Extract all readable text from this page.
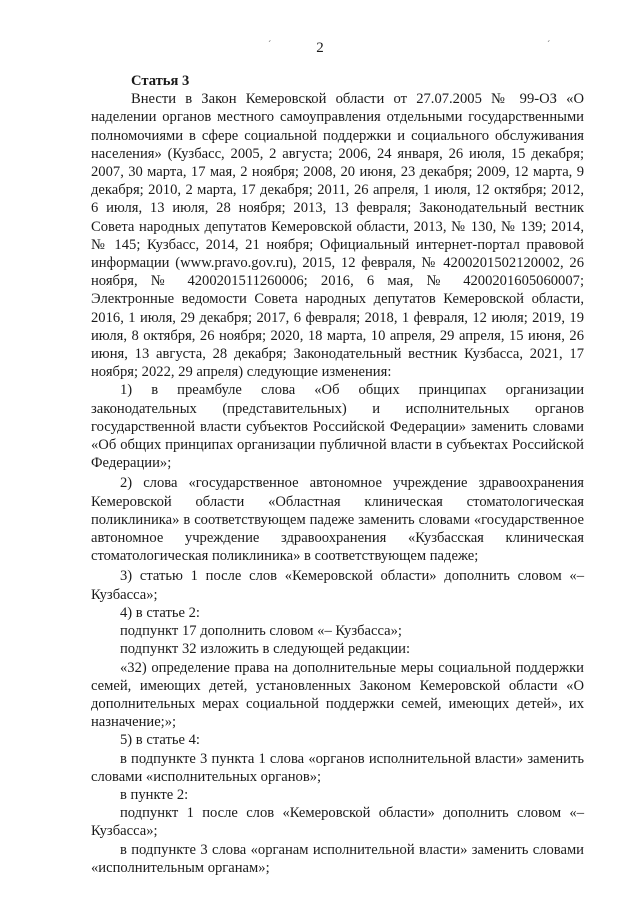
2
ˊ	ˊ
Статья 3

Внести в Закон Кемеровской области от 27.07.2005 № 99-ОЗ «О наделении органов местного самоуправления отдельными государственными полномочиями в сфере социальной поддержки и социального обслуживания населения» (Кузбасс, 2005, 2 августа; 2006, 24 января, 26 июля, 15 декабря; 2007, 30 марта, 17 мая, 2 ноября; 2008, 20 июня, 23 декабря; 2009, 12 марта, 9 декабря; 2010, 2 марта, 17 декабря; 2011, 26 апреля, 1 июля, 12 октября; 2012, 6 июля, 13 июля, 28 ноября; 2013, 13 февраля; Законодательный вестник Совета народных депутатов Кемеровской области, 2013, № 130, № 139; 2014, № 145; Кузбасс, 2014, 21 ноября; Официальный интернет-портал правовой информации (www.pravo.gov.ru), 2015, 12 февраля, № 4200201502120002, 26 ноября, № 4200201511260006; 2016, 6 мая, № 4200201605060007; Электронные ведомости Совета народных депутатов Кемеровской области, 2016, 1 июля, 29 декабря; 2017, 6 февраля; 2018, 1 февраля, 12 июля; 2019, 19 июля, 8 октября, 26 ноября; 2020, 18 марта, 10 апреля, 29 апреля, 15 июня, 26 июня, 13 августа, 28 декабря; Законодательный вестник Кузбасса, 2021, 17 ноября; 2022, 29 апреля) следующие изменения:

1) в преамбуле слова «Об общих принципах организации законодательных (представительных) и исполнительных органов государственной власти субъектов Российской Федерации» заменить словами «Об общих принципах организации публичной власти в субъектах Российской Федерации»;

2) слова «государственное автономное учреждение здравоохранения Кемеровской области «Областная клиническая стоматологическая поликлиника» в соответствующем падеже заменить словами «государственное автономное учреждение здравоохранения «Кузбасская клиническая стоматологическая поликлиника» в соответствующем падеже;

3) статью 1 после слов «Кемеровской области» дополнить словом «– Кузбасса»;

4) в статье 2:

подпункт 17 дополнить словом «– Кузбасса»;

подпункт 32 изложить в следующей редакции:

«32) определение права на дополнительные меры социальной поддержки семей, имеющих детей, установленных Законом Кемеровской области «О дополнительных мерах социальной поддержки семей, имеющих детей», их назначение;»;

5) в статье 4:

в подпункте 3 пункта 1 слова «органов исполнительной власти» заменить словами «исполнительных органов»;

в пункте 2:

подпункт 1 после слов «Кемеровской области» дополнить словом «– Кузбасса»;

в подпункте 3 слова «органам исполнительной власти» заменить словами «исполнительным органам»;
